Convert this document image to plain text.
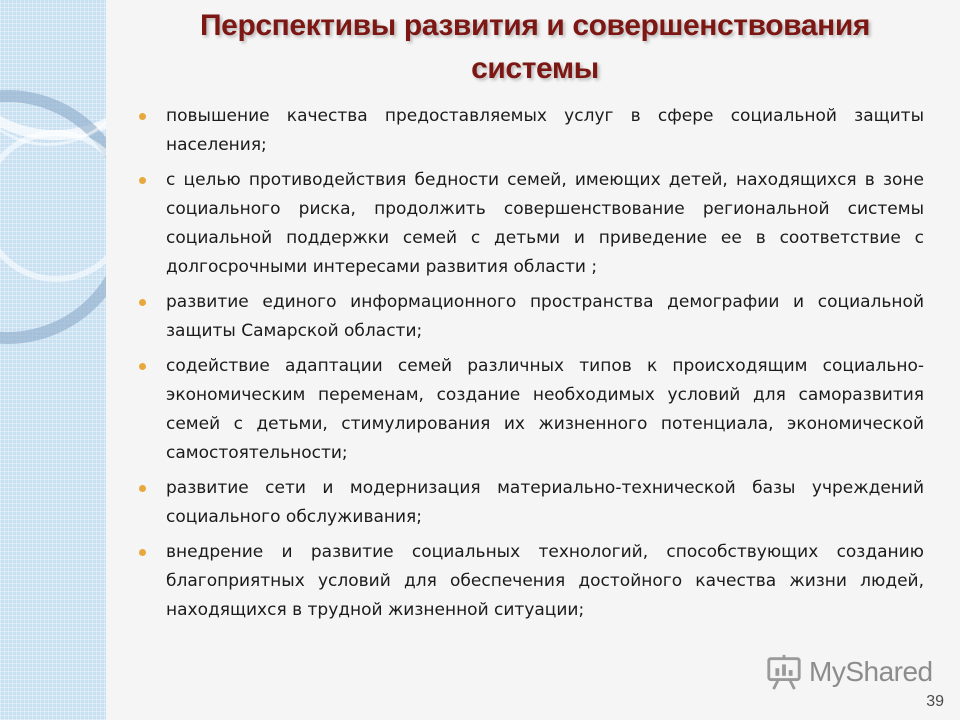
Перспективы развития и совершенствования
системы
повышение качества предоставляемых услуг в сфере социальной защиты населения;
с целью противодействия бедности семей, имеющих детей, находящихся в зоне социального риска, продолжить совершенствование региональной системы социальной поддержки семей с детьми и приведение ее в соответствие с долгосрочными интересами развития области ;
развитие единого информационного пространства демографии и социальной защиты Самарской области;
содействие адаптации семей различных типов к происходящим социально-экономическим переменам, создание необходимых условий для саморазвития семей с детьми, стимулирования их жизненного потенциала, экономической самостоятельности;
развитие сети и модернизация материально-технической базы учреждений социального обслуживания;
внедрение и развитие социальных технологий, способствующих созданию благоприятных условий для обеспечения достойного качества жизни людей, находящихся в трудной жизненной ситуации;
MyShared
39
